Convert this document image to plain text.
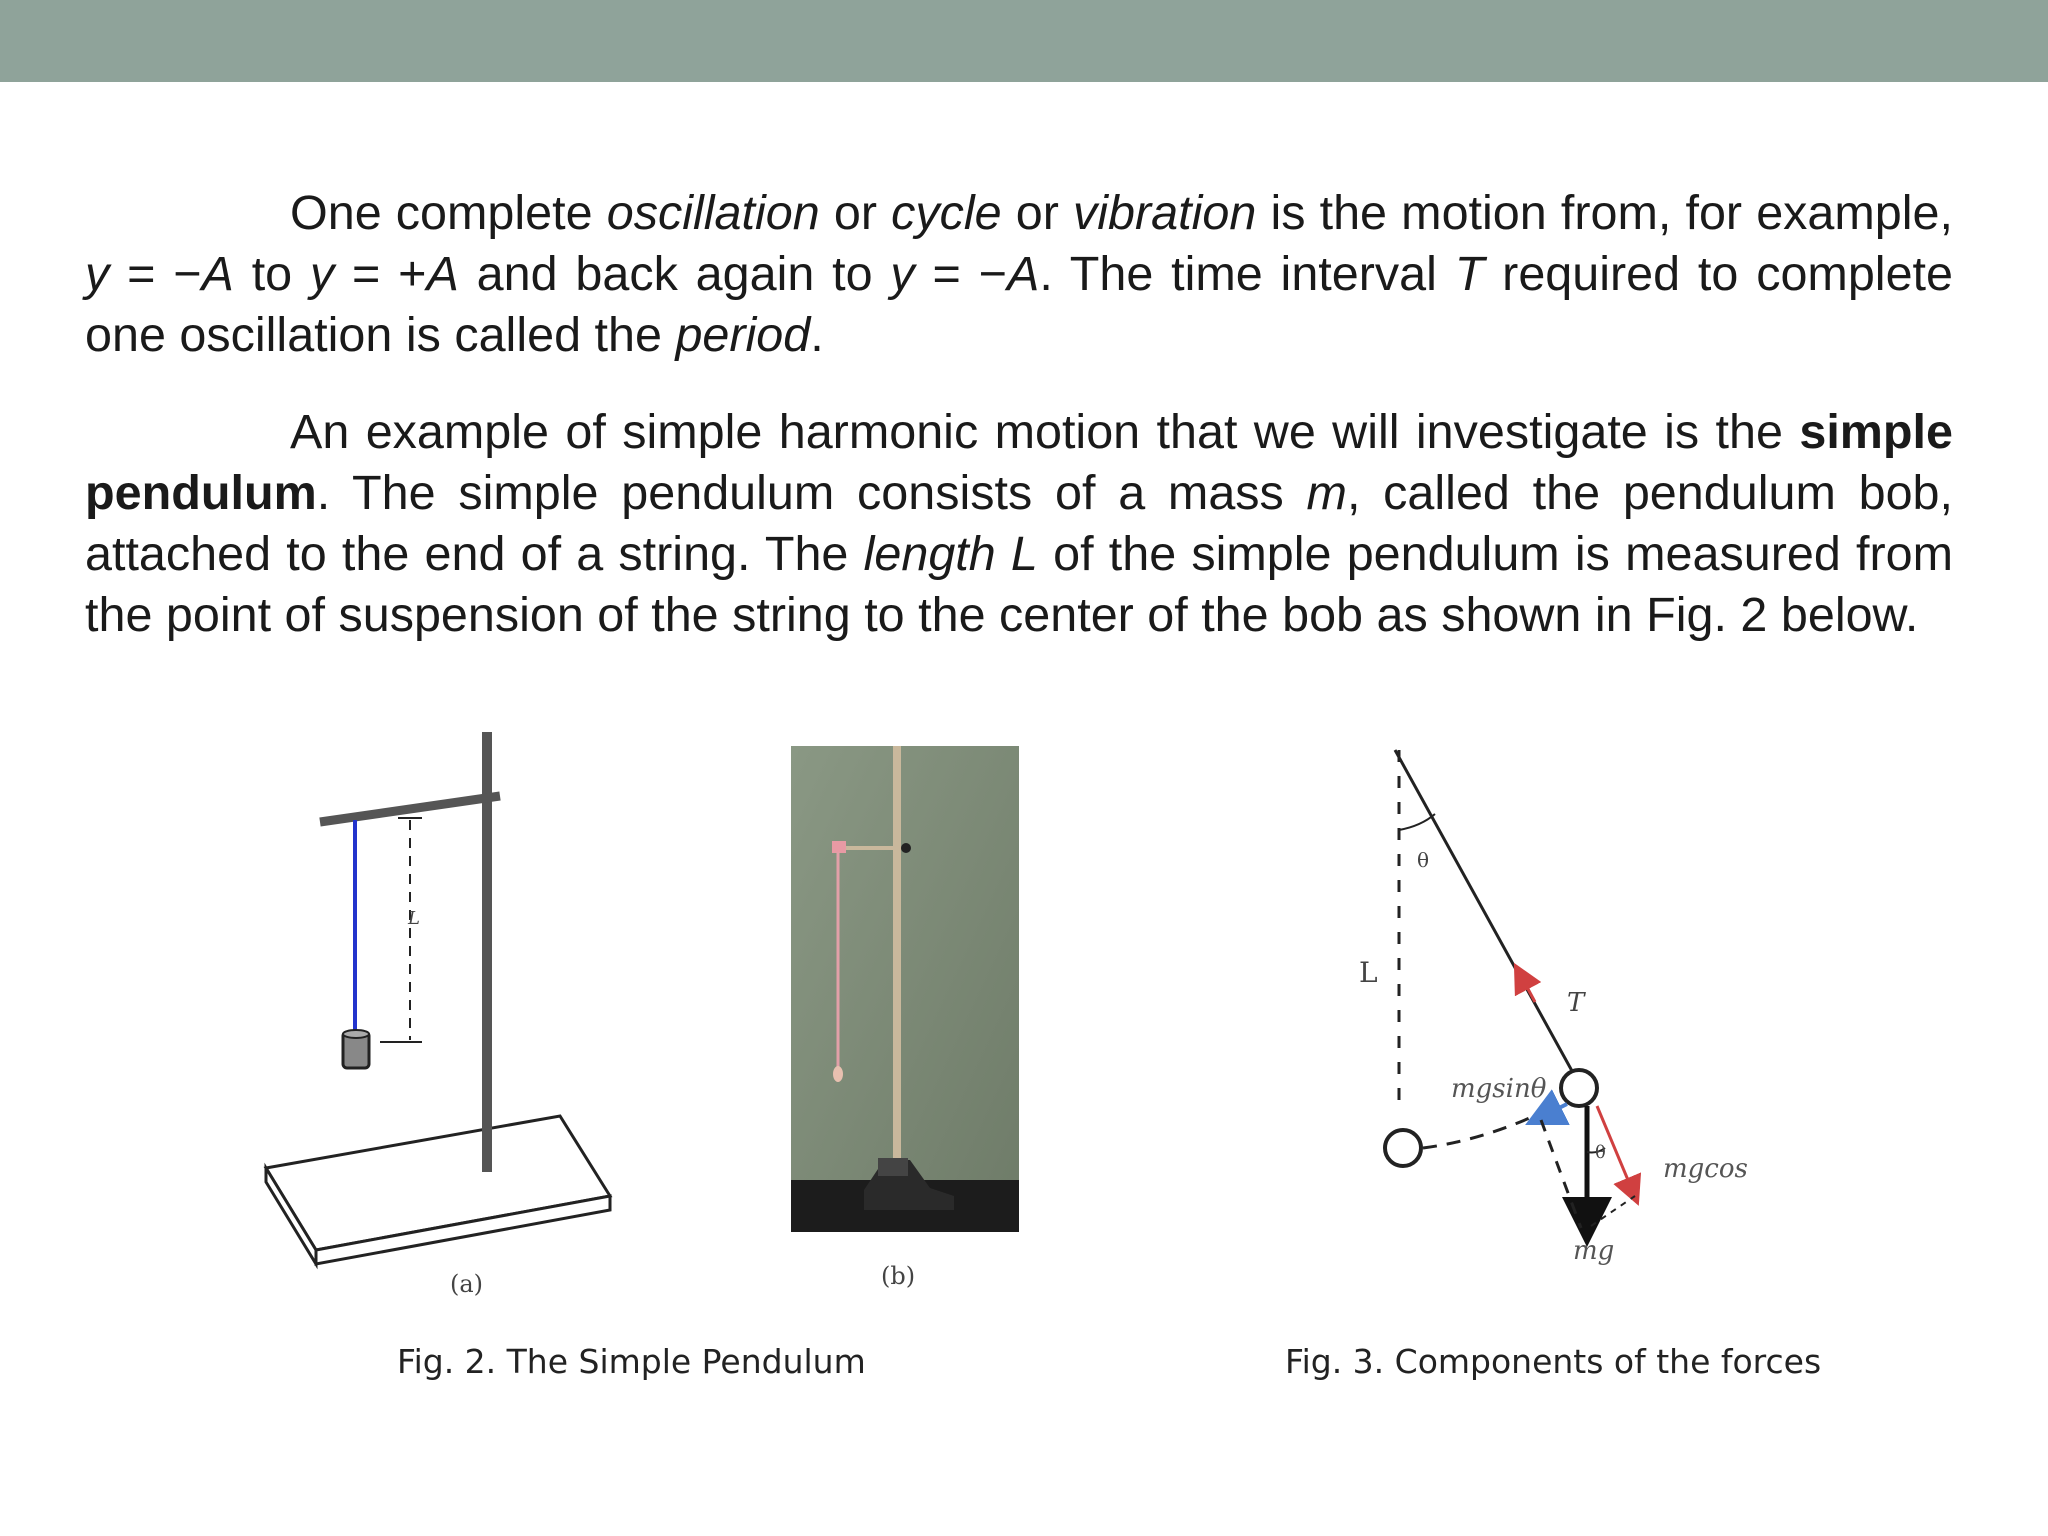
One complete oscillation or cycle or vibration is the motion from, for example, y = −A to y = +A and back again to y = −A. The time interval T required to complete one oscillation is called the period.

An example of simple harmonic motion that we will investigate is the simple pendulum. The simple pendulum consists of a mass m, called the pendulum bob, attached to the end of a string. The length L of the simple pendulum is measured from the point of suspension of the string to the center of the bob as shown in Fig. 2 below.

L
(a)	(b)
θ
L
T
mgsinθ
θ
mgcos
mg
Fig. 2. The Simple Pendulum	Fig. 3. Components of the forces
